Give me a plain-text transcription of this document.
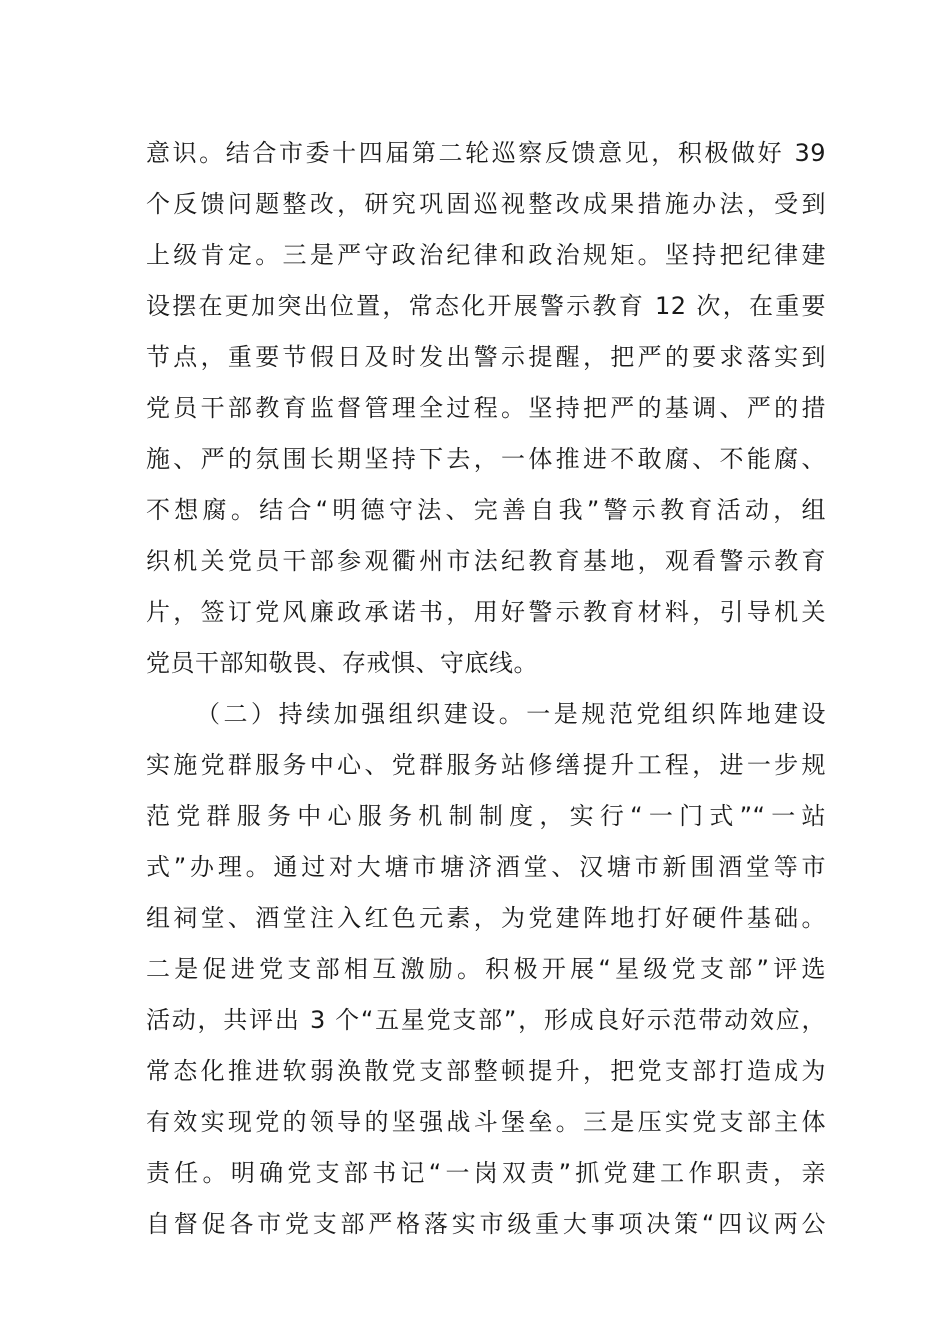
意识。结合市委十四届第二轮巡察反馈意见，积极做好 39
个反馈问题整改，研究巩固巡视整改成果措施办法，受到
上级肯定。三是严守政治纪律和政治规矩。坚持把纪律建
设摆在更加突出位置，常态化开展警示教育 12 次，在重要
节点，重要节假日及时发出警示提醒，把严的要求落实到
党员干部教育监督管理全过程。坚持把严的基调、严的措
施、严的氛围长期坚持下去，一体推进不敢腐、不能腐、
不想腐。结合“明德守法、完善自我”警示教育活动，组
织机关党员干部参观衢州市法纪教育基地，观看警示教育
片，签订党风廉政承诺书，用好警示教育材料，引导机关
党员干部知敬畏、存戒惧、守底线。
（二）持续加强组织建设。一是规范党组织阵地建设
实施党群服务中心、党群服务站修缮提升工程，进一步规
范党群服务中心服务机制制度，实行“一门式”“一站
式”办理。通过对大塘市塘济酒堂、汉塘市新围酒堂等市
组祠堂、酒堂注入红色元素，为党建阵地打好硬件基础。
二是促进党支部相互激励。积极开展“星级党支部”评选
活动，共评出 3 个“五星党支部”，形成良好示范带动效应，
常态化推进软弱涣散党支部整顿提升，把党支部打造成为
有效实现党的领导的坚强战斗堡垒。三是压实党支部主体
责任。明确党支部书记“一岗双责”抓党建工作职责，亲
自督促各市党支部严格落实市级重大事项决策“四议两公
